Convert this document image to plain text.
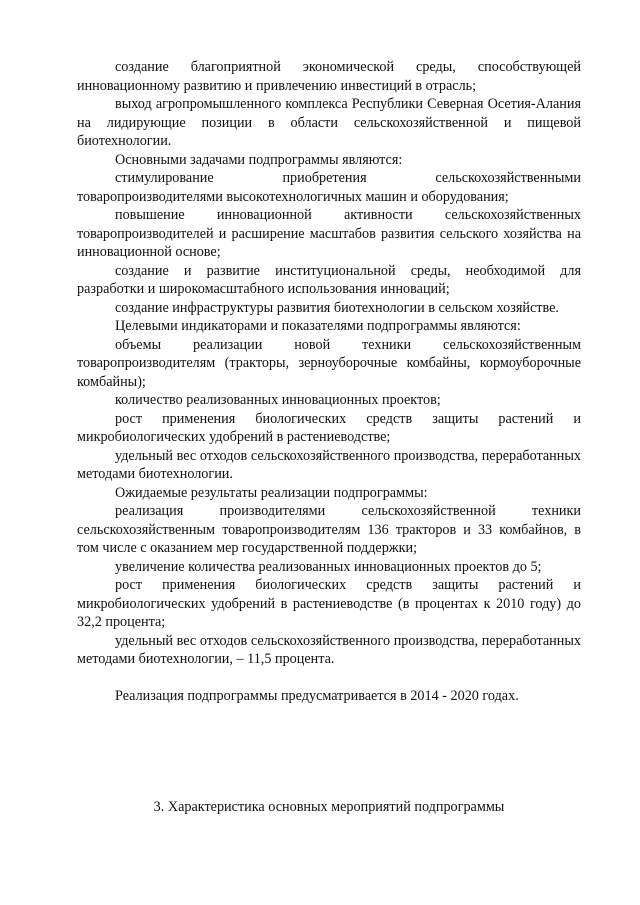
создание благоприятной экономической среды, способствующей инновационному развитию и привлечению инвестиций в отрасль;

выход агропромышленного комплекса Республики Северная Осетия-Алания на лидирующие позиции в области сельскохозяйственной и пищевой биотехнологии.

Основными задачами подпрограммы являются:

стимулирование приобретения сельскохозяйственными товаропроизводителями высокотехнологичных машин и оборудования;

повышение инновационной активности сельскохозяйственных товаропроизводителей и расширение масштабов развития сельского хозяйства на инновационной основе;

создание и развитие институциональной среды, необходимой для разработки и широкомасштабного использования инноваций;

создание инфраструктуры развития биотехнологии в сельском хозяйстве.

Целевыми индикаторами и показателями подпрограммы являются:

объемы реализации новой техники сельскохозяйственным товаропроизводителям (тракторы, зерноуборочные комбайны, кормоуборочные комбайны);

количество реализованных инновационных проектов;

рост применения биологических средств защиты растений и микробиологических удобрений в растениеводстве;

удельный вес отходов сельскохозяйственного производства, переработанных методами биотехнологии.

Ожидаемые результаты реализации подпрограммы:

реализация производителями сельскохозяйственной техники сельскохозяйственным товаропроизводителям 136 тракторов и 33 комбайнов, в том числе с оказанием мер государственной поддержки;

увеличение количества реализованных инновационных проектов до 5;

рост применения биологических средств защиты растений и микробиологических удобрений в растениеводстве (в процентах к 2010 году) до 32,2 процента;

удельный вес отходов сельскохозяйственного производства, переработанных методами биотехнологии, – 11,5 процента.

Реализация подпрограммы предусматривается в 2014 - 2020 годах.

3. Характеристика основных мероприятий подпрограммы
